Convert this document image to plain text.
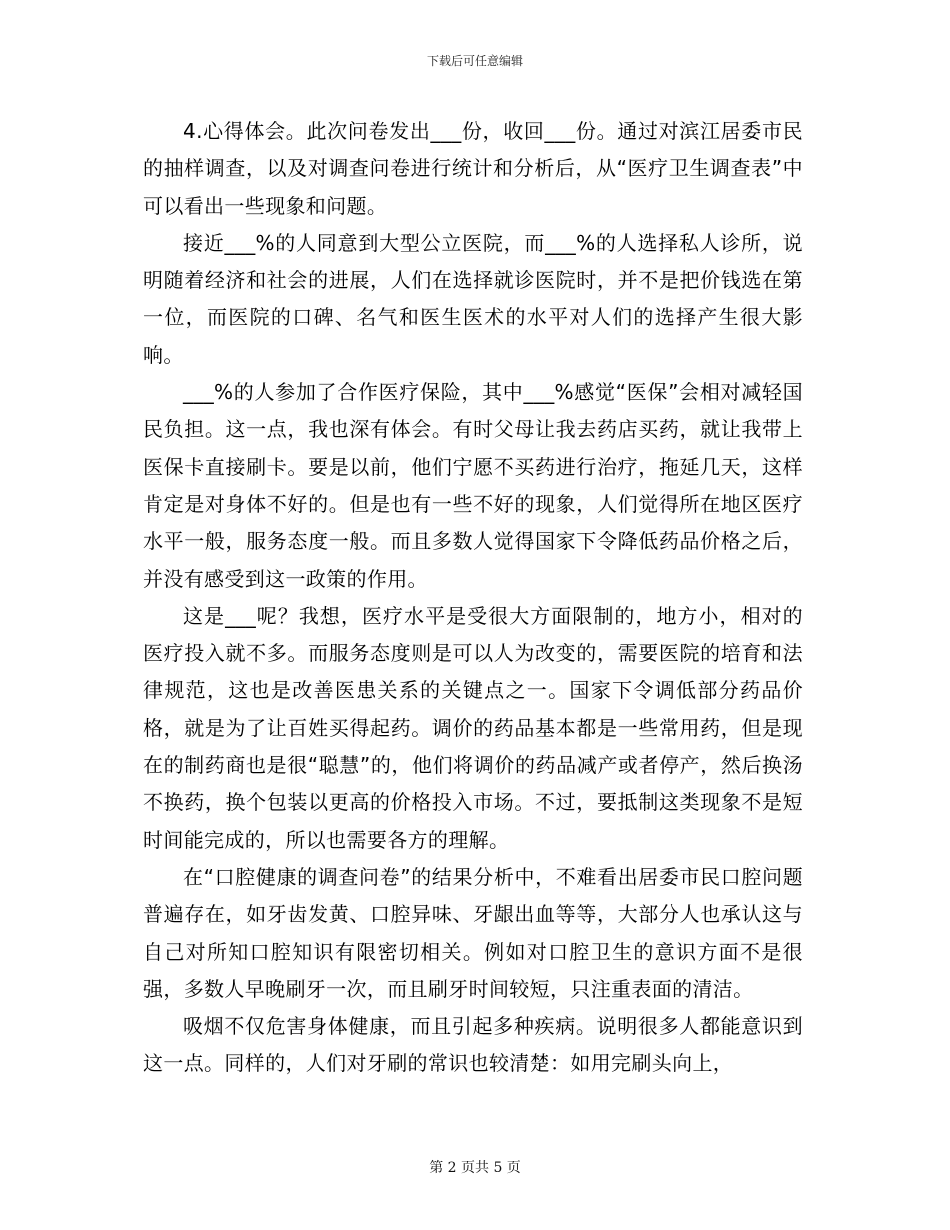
下载后可任意编辑

4.心得体会。此次问卷发出___份，收回___份。通过对滨江居委市民的抽样调查，以及对调查问卷进行统计和分析后，从“医疗卫生调查表”中可以看出一些现象和问题。

接近___%的人同意到大型公立医院，而___%的人选择私人诊所，说明随着经济和社会的进展，人们在选择就诊医院时，并不是把价钱选在第一位，而医院的口碑、名气和医生医术的水平对人们的选择产生很大影响。

___%的人参加了合作医疗保险，其中___%感觉“医保”会相对减轻国民负担。这一点，我也深有体会。有时父母让我去药店买药，就让我带上医保卡直接刷卡。要是以前，他们宁愿不买药进行治疗，拖延几天，这样肯定是对身体不好的。但是也有一些不好的现象，人们觉得所在地区医疗水平一般，服务态度一般。而且多数人觉得国家下令降低药品价格之后，并没有感受到这一政策的作用。

这是___呢？我想，医疗水平是受很大方面限制的，地方小，相对的医疗投入就不多。而服务态度则是可以人为改变的，需要医院的培育和法律规范，这也是改善医患关系的关键点之一。国家下令调低部分药品价格，就是为了让百姓买得起药。调价的药品基本都是一些常用药，但是现在的制药商也是很“聪慧”的，他们将调价的药品减产或者停产，然后换汤不换药，换个包装以更高的价格投入市场。不过，要抵制这类现象不是短时间能完成的，所以也需要各方的理解。

在“口腔健康的调查问卷”的结果分析中，不难看出居委市民口腔问题普遍存在，如牙齿发黄、口腔异味、牙龈出血等等，大部分人也承认这与自己对所知口腔知识有限密切相关。例如对口腔卫生的意识方面不是很强，多数人早晚刷牙一次，而且刷牙时间较短，只注重表面的清洁。

吸烟不仅危害身体健康，而且引起多种疾病。说明很多人都能意识到这一点。同样的，人们对牙刷的常识也较清楚：如用完刷头向上，

第 2 页共 5 页
